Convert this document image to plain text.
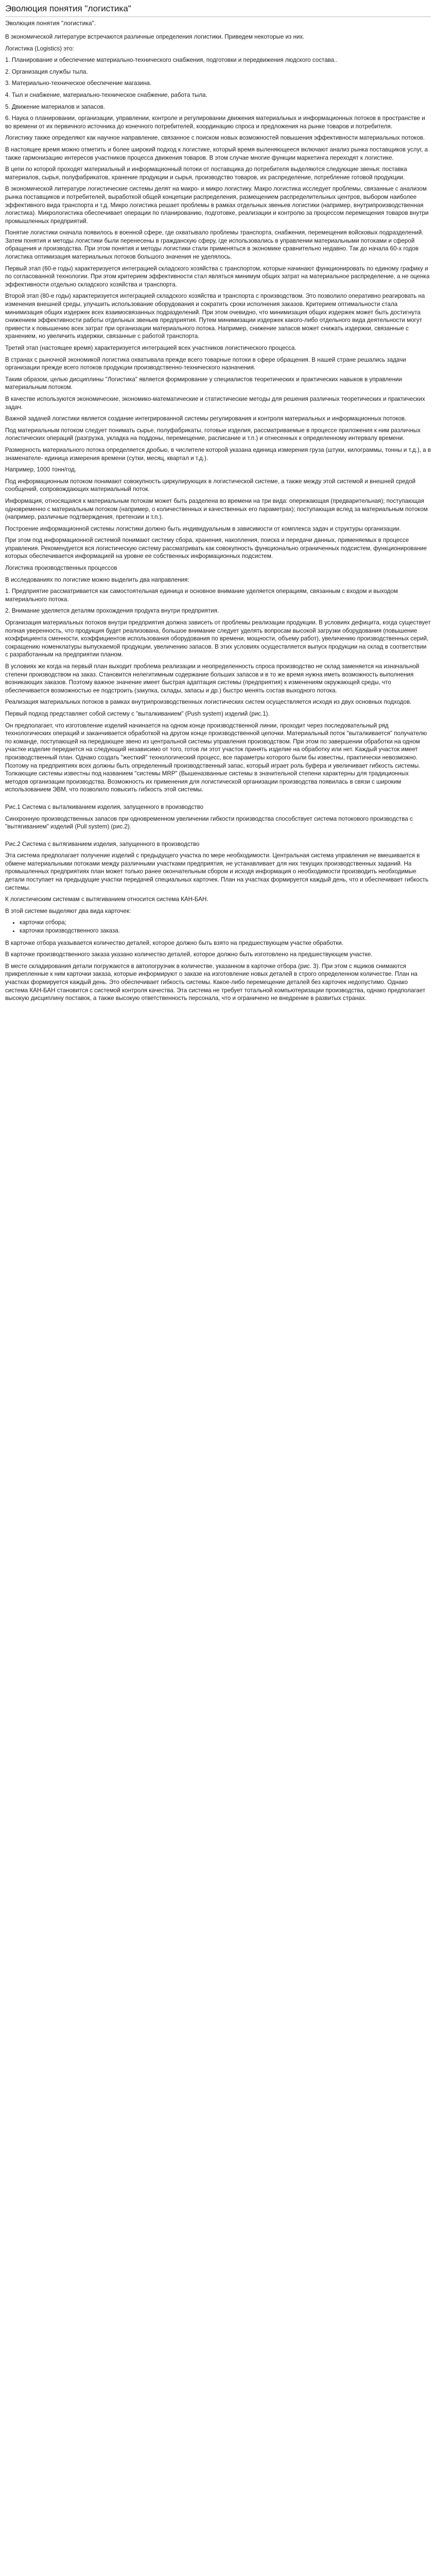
Эволюция понятия "логистика"
Эволюция понятия "логистика".

В экономической литературе встречаются различные определения логистики. Приведем некоторые из них.

Логистика (Logistics) это:

1. Планирование и обеспечение материально-технического снабжения, подготовки и передвижения людского состава..

2. Организация службы тыла.

3. Материально-техническое обеспечение магазина.

4. Тыл и снабжение, материально-техническое снабжение, работа тыла.

5. Движение материалов и запасов.

6. Наука о планировании, организации, управлении, контроле и регулировании движения материальных и информационных потоков в пространстве и во времени от их первичного источника до конечного потребителей, координацию спроса и предложения на рынке товаров и потребителя.

Логистику также определяют как научное направление, связанное с поиском новых возможностей повышения эффективности материальных потоков.

В настоящее время можно отметить и более широкий подход к логистике, который время выленяющееся включают анализ рынка поставщиков услуг, а также гармонизацию интересов участников процесса движения товаров. В этом случае многие функции маркетинга переходят к логистике.

В цепи по которой проходят материальный и информационный потоки от поставщика до потребителя выделяются следующие звенья: поставка материалов, сырья, полуфабрикатов, хранение продукции и сырья, производство товаров, их распределение, потребление готовой продукции.

В экономической литературе логистические системы делят на макро- и микро логистику. Макро логистика исследует проблемы, связанные с анализом рынка поставщиков и потребителей, выработкой общей концепции распределения, размещением распределительных центров, выбором наиболее эффективного вида транспорта и т.д. Микро логистика решает проблемы в рамках отдельных звеньев логистики (например, внутрипроизводственная логистика). Микрологистика обеспечивает операции по планированию, подготовке, реализации и контролю за процессом перемещения товаров внутри промышленных предприятий.

Понятие логистики сначала появилось в военной сфере, где охватывало проблемы транспорта, снабжения, перемещения войсковых подразделений. Затем понятия и методы логистики были перенесены в гражданскую сферу, где использовались в управлении материальными потоками и сферой обращения и производства. При этом понятия и методы логистики стали применяться в экономике сравнительно недавно. Так до начала 60-х годов логистика оптимизация материальных потоков большого значения не уделялось.

Первый этап (60-е годы) характеризуется интеграцией складского хозяйства с транспортом, которые начинают функционировать по единому графику и по согласованной технологии. При этом критерием эффективности стал являться минимум общих затрат на материальное распределение, а не оценка эффективности отдельно складского хозяйства и транспорта.

Второй этап (80-е годы) характеризуется интеграцией складского хозяйства и транспорта с производством. Это позволило оперативно реагировать на изменения внешней среды, улучшить использование оборудования и сократить сроки исполнения заказов. Критерием оптимальности стала минимизация общих издержек всех взаимосвязанных подразделений. При этом очевидно, что минимизация общих издержек может быть достигнута снижением эффективности работы отдельных звеньев предприятия. Путем минимизации издержек какого-либо отдельного вида деятельности могут привести к повышению всех затрат при организации материального потока. Например, снижение запасов может снижать издержки, связанные с хранением, но увеличить издержки, связанные с работой транспорта.

Третий этап (настоящее время) характеризуется интеграцией всех участников логистического процесса.

В странах с рыночной экономикой логистика охватывала прежде всего товарные потоки в сфере обращения. В нашей стране решались задачи организации прежде всего потоков продукции производственно-технического назначения.

Таким образом, целью дисциплины "Логистика" является формирование у специалистов теоретических и практических навыков в управлении материальным потоком.

В качестве используются экономические, экономико-математические и статистические методы для решения различных теоретических и практических задач.

Важной задачей логистики является создание интегрированной системы регулирования и контроля материальных и информационных потоков.

Под материальным потоком следует понимать сырье, полуфабрикаты, готовые изделия, рассматриваемые в процессе приложения к ним различных логистических операций (разгрузка, укладка на поддоны, перемещение, расписание и т.п.) и отнесенных к определенному интервалу времени.

Размерность материального потока определяется дробью, в числителе которой указана единица измерения груза (штуки, килограммы, тонны и т.д.), а в знаменателе- единица измерения времени (сутки, месяц, квартал и т.д.).

Например, 1000 тонн/год.

Под информационным потоком понимают совокупность циркулирующих в логистической системе, а также между этой системой и внешней средой сообщений, сопровождающих материальный поток.

Информация, относящаяся к материальным потокам может быть разделена во времени на три вида: опережающая (предварительная); поступающая одновременно с материальным потоком (например, о количественных и качественных его параметрах); поступающая вслед за материальным потоком (например, различные подтверждения, претензии и т.п.).

Построение информационной системы логистики должно быть индивидуальным в зависимости от комплекса задач и структуры организации.

При этом под информационной системой понимают систему сбора, хранения, накопления, поиска и передачи данных, применяемых в процессе управления. Рекомендуется вся логистическую систему рассматривать как совокупность функционально ограниченных подсистем, функционирование которых обеспечивается информацией на уровне ее собственных информационных подсистем.

Логистика производственных процессов

В исследованиях по логистике можно выделить два направления:

1. Предприятие рассматривается как самостоятельная единица и основное внимание уделяется операциям, связанным с входом и выходом материального потока.

2. Внимание уделяется деталям прохождения продукта внутри предприятия.

Организация материальных потоков внутри предприятия должна зависеть от проблемы реализации продукции. В условиях дефицита, когда существует полная уверенность, что продукция будет реализована, большое внимание следует уделять вопросам высокой загрузки оборудования (повышение коэффициента сменности, коэффициентов использования оборудования по времени, мощности, объему работ), увеличению производственных серий, сокращению номенклатуры выпускаемой продукции, увеличению запасов. В этих условиях осуществляется выпуск продукции на склад в соответствии с разработанным на предприятии планом.

В условиях же когда на первый план выходит проблема реализации и неопределенность спроса производство не склад заменяется на изначальной степени производством на заказ. Становится нелегитимным содержание больших запасов и в то же время нужна иметь возможность выполнения возникающих заказов. Поэтому важное значение имеет быстрая адаптация системы (предприятия) к изменениям окружающей среды, что обеспечивается возможностью ее подстроить (закупка, склады, запасы и др.) быстро менять состав выходного потока.

Реализация материальных потоков в рамках внутрипроизводственных логистических систем осуществляется исходя из двух основных подходов.

Первый подход представляет собой систему с "выталкиванием" (Push system) изделий (рис.1).

Он предполагает, что изготовление изделий начинается на одном конце производственной линии, проходит через последовательный ряд технологических операций и заканчивается обработкой на другом конце производственной цепочки. Материальный поток "выталкивается" получателю по команде, поступающей на передающее звено из центральной системы управления производством. При этом по завершении обработки на одном участке изделие передается на следующий независимо от того, готов ли этот участок принять изделие на обработку или нет. Каждый участок имеет производственный план. Однако создать "жесткий" технологический процесс, все параметры которого были бы известны, практически невозможно. Поэтому на предприятиях всех должны быть определенный производственный запас, который играет роль буфера и увеличивает гибкость системы. Толкающие системы известны под названием "системы MRP" (Вышеназванные системы в значительной степени характерны для традиционных методов организации производства. Возможность их применения для логистической организации производства появилась в связи с широким использованием ЭВМ, что позволило повысить гибкость этой системы.

Рис.1 Система с выталкиванием изделия, запущенного в производство

Синхронную производственных запасов при одновременном увеличении гибкости производства способствует система потокового производства с "вытягиванием" изделий (Pull system) (рис.2).

Рис.2 Система с вытягиванием изделия, запущенного в производство

Эта система предполагает получение изделий с предыдущего участка по мере необходимости. Центральная система управления не вмешивается в обмене материальными потоками между различными участками предприятия, не устанавливает для них текущих производственных заданий. На промышленных предприятиях план может только ранее окончательным сбором и исходя информация о необходимости производить необходимые детали поступает на предыдущие участки передачей специальных карточек. План на участках формируется каждый день, что и обеспечивает гибкость системы.

К логистическим системам с вытягиванием относится система КАН-БАН.

В этой системе выделяют два вида карточек:

• карточки отбора;
• карточки производственного заказа.

В карточке отбора указывается количество деталей, которое должно быть взято на предшествующем участке обработки.

В карточке производственного заказа указано количество деталей, которое должно быть изготовлено на предшествующем участке.

В месте складирования детали погружаются в автопогрузчик в количестве, указанном в карточке отбора (рис. 3). При этом с ящиков снимаются прикрепленные к ним карточки заказа, которые информируют о заказе на изготовление новых деталей в строго определенном количестве. План на участках формируется каждый день. Это обеспечивает гибкость системы. Какое-либо перемещение деталей без карточек недопустимо. Однако система КАН-БАН становится с системой контроля качества. Эта система не требует тотальной компьютеризации производства, однако предполагает высокую дисциплину поставок, а также высокую ответственность персонала, что и ограничено не внедрение в развитых странах.
